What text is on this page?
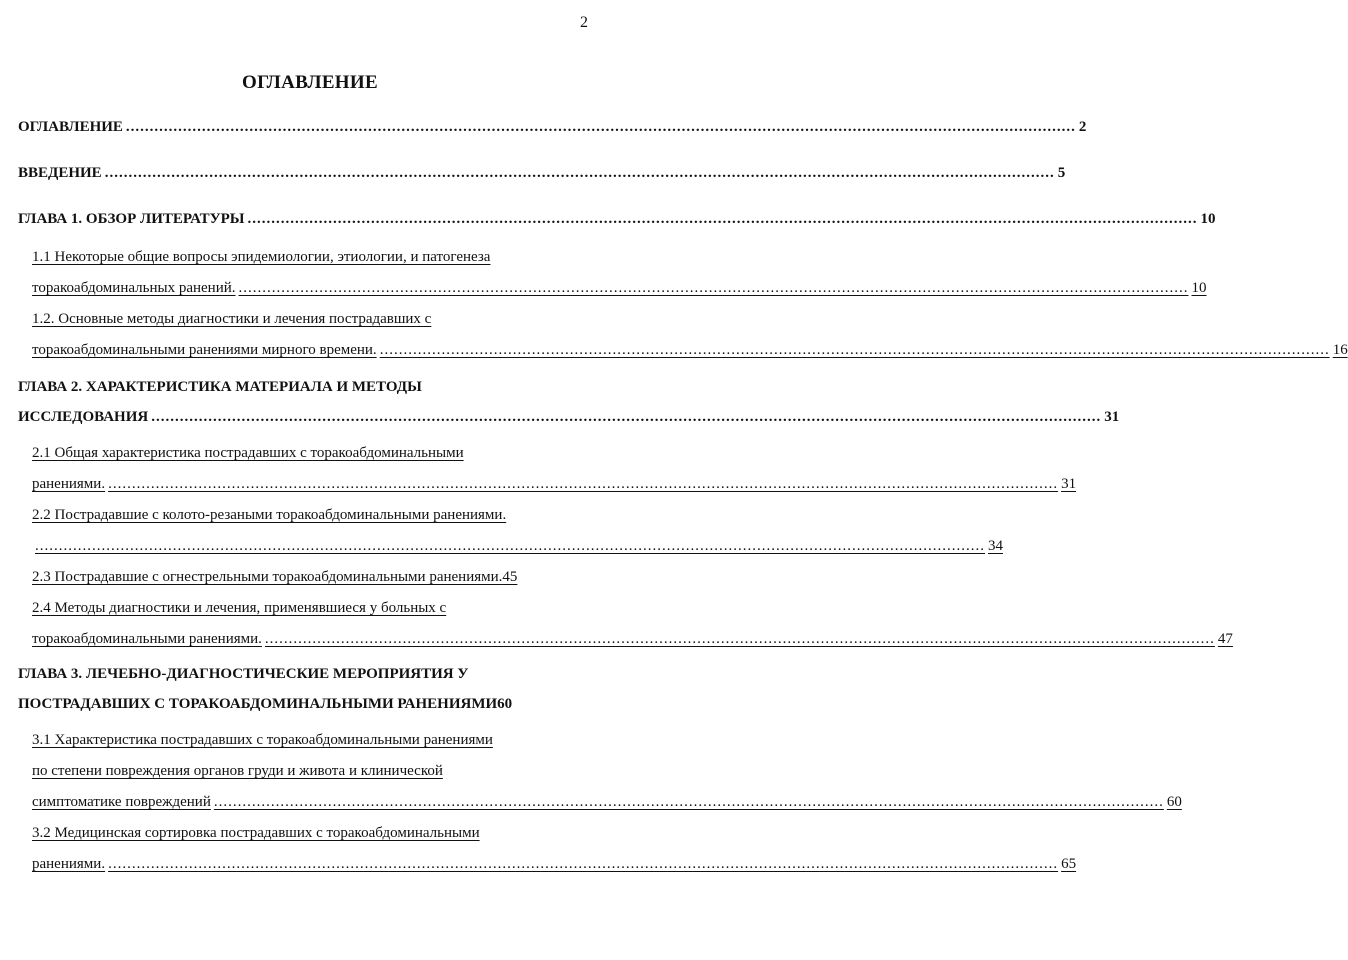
2
ОГЛАВЛЕНИЕ
ОГЛАВЛЕНИЕ ........................................................................................................................................................................................................ 2
ВВЕДЕНИЕ ........................................................................................................................................................................................................ 5
ГЛАВА 1. ОБЗОР ЛИТЕРАТУРЫ ........................................................................................................................................................................................................ 10
1.1 Некоторые общие вопросы эпидемиологии, этиологии, и патогенеза
торакоабдоминальных ранений. ........................................................................................................................................................................................................ 10
1.2. Основные методы диагностики и лечения пострадавших с
торакоабдоминальными ранениями мирного времени. ........................................................................................................................................................................................................ 16
ГЛАВА 2. ХАРАКТЕРИСТИКА МАТЕРИАЛА И МЕТОДЫ
ИССЛЕДОВАНИЯ ........................................................................................................................................................................................................ 31
2.1 Общая характеристика пострадавших с торакоабдоминальными
ранениями. ........................................................................................................................................................................................................ 31
2.2 Пострадавшие с колото-резаными торакоабдоминальными ранениями.
........................................................................................................................................................................................................ 34
2.3 Пострадавшие с огнестрельными торакоабдоминальными ранениями.45
2.4 Методы диагностики и лечения, применявшиеся у больных с
торакоабдоминальными ранениями. ........................................................................................................................................................................................................ 47
ГЛАВА 3. ЛЕЧЕБНО-ДИАГНОСТИЧЕСКИЕ МЕРОПРИЯТИЯ У
ПОСТРАДАВШИХ С ТОРАКОАБДОМИНАЛЬНЫМИ РАНЕНИЯМИ60
3.1 Характеристика пострадавших с торакоабдоминальными ранениями
по степени повреждения органов груди и живота и клинической
симптоматике повреждений ........................................................................................................................................................................................................ 60
3.2 Медицинская сортировка пострадавших с торакоабдоминальными
ранениями. ........................................................................................................................................................................................................ 65
